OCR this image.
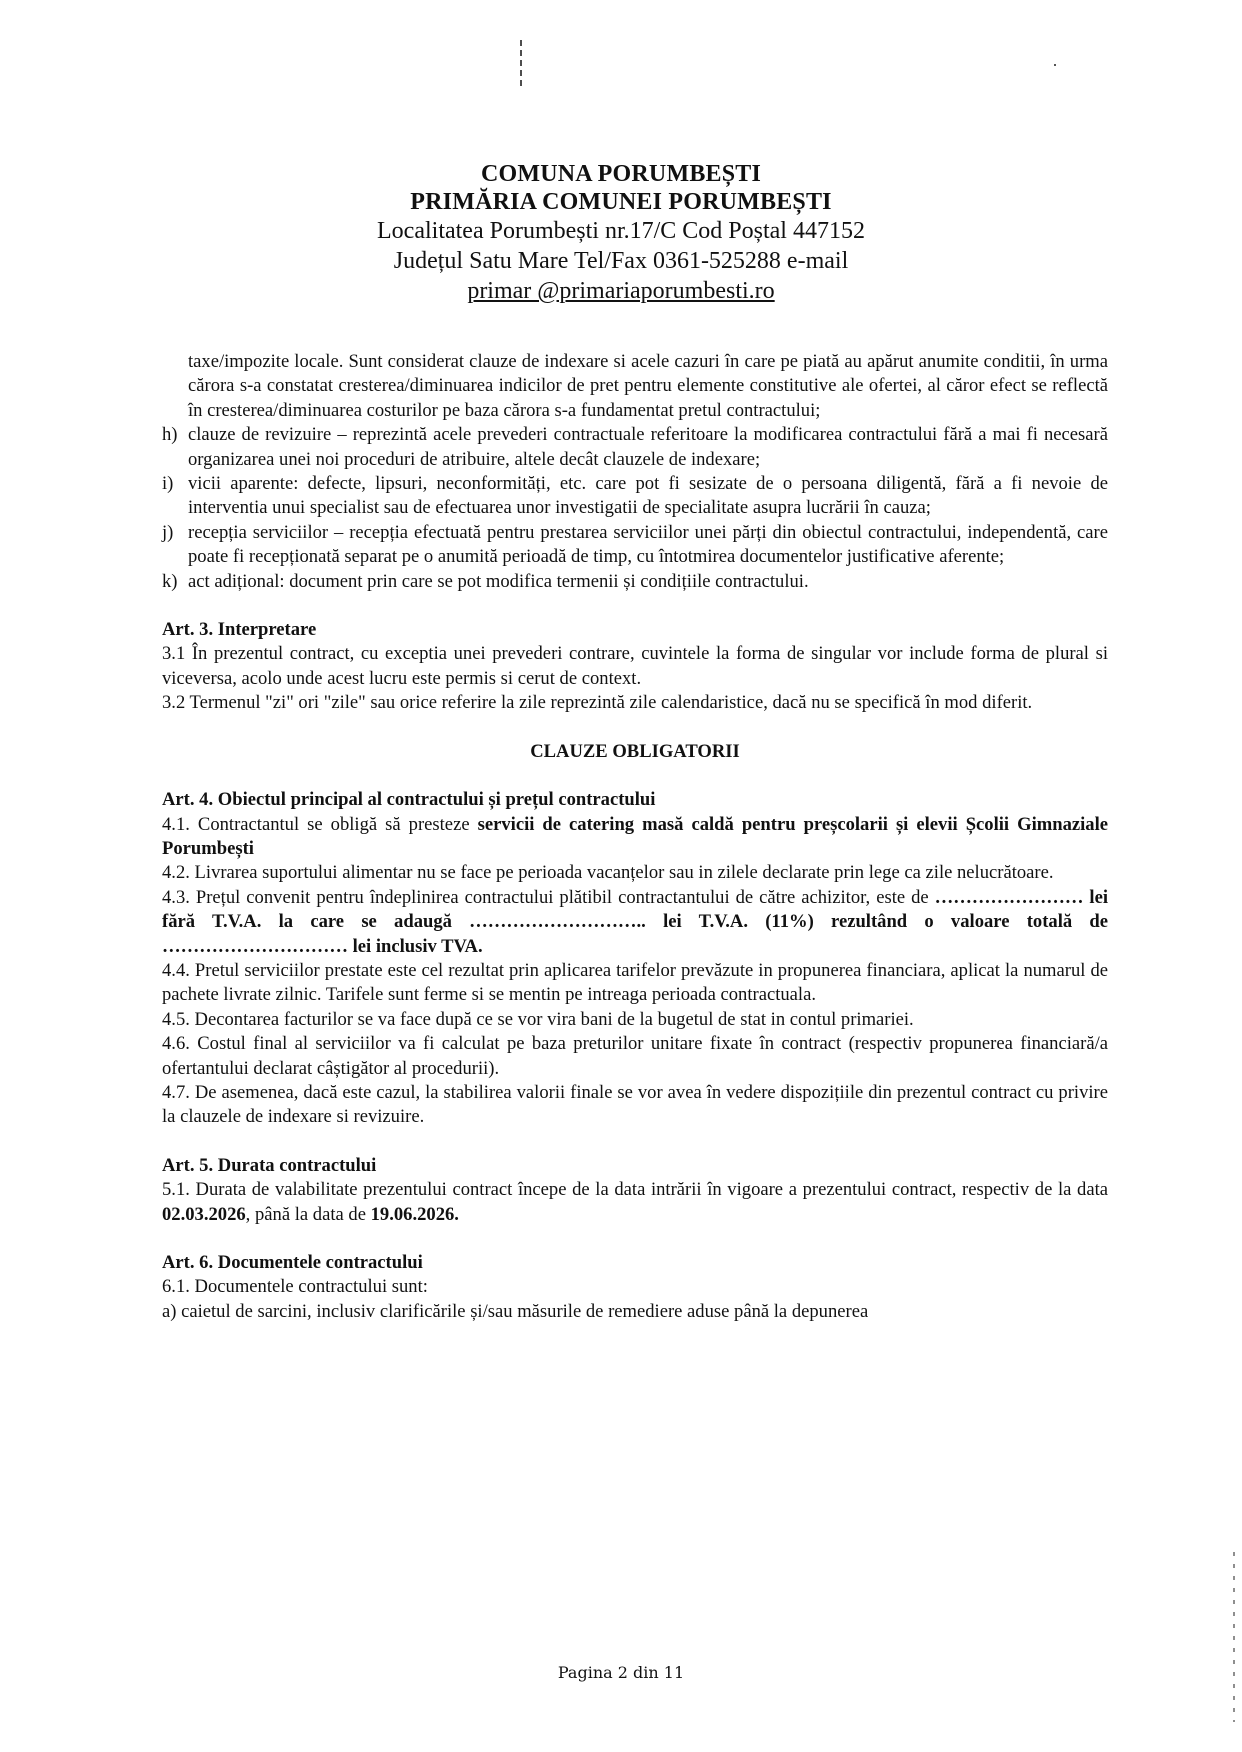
COMUNA PORUMBEȘTI
PRIMĂRIA COMUNEI PORUMBEȘTI
Localitatea Porumbești nr.17/C Cod Poștal 447152
Județul Satu Mare Tel/Fax 0361-525288 e-mail
primar @primariaporumbesti.ro

taxe/impozite locale. Sunt considerat clauze de indexare si acele cazuri în care pe piată au apărut anumite conditii, în urma cărora s-a constatat cresterea/diminuarea indicilor de pret pentru elemente constitutive ale ofertei, al căror efect se reflectă în cresterea/diminuarea costurilor pe baza cărora s-a fundamentat pretul contractului;

h) clauze de revizuire – reprezintă acele prevederi contractuale referitoare la modificarea contractului fără a mai fi necesară organizarea unei noi proceduri de atribuire, altele decât clauzele de indexare;

i) vicii aparente: defecte, lipsuri, neconformități, etc. care pot fi sesizate de o persoana diligentă, fără a fi nevoie de interventia unui specialist sau de efectuarea unor investigatii de specialitate asupra lucrării în cauza;

j) recepția serviciilor – recepția efectuată pentru prestarea serviciilor unei părți din obiectul contractului, independentă, care poate fi recepționată separat pe o anumită perioadă de timp, cu întotmirea documentelor justificative aferente;

k) act adițional: document prin care se pot modifica termenii și condițiile contractului.

Art. 3. Interpretare

3.1 În prezentul contract, cu exceptia unei prevederi contrare, cuvintele la forma de singular vor include forma de plural si viceversa, acolo unde acest lucru este permis si cerut de context.

3.2 Termenul "zi" ori "zile" sau orice referire la zile reprezintă zile calendaristice, dacă nu se specifică în mod diferit.

CLAUZE OBLIGATORII

Art. 4. Obiectul principal al contractului și prețul contractului

4.1. Contractantul se obligă să presteze servicii de catering masă caldă pentru preșcolarii și elevii Școlii Gimnaziale Porumbești

4.2. Livrarea suportului alimentar nu se face pe perioada vacanțelor sau in zilele declarate prin lege ca zile nelucrătoare.

4.3. Prețul convenit pentru îndeplinirea contractului plătibil contractantului de către achizitor, este de …………………… lei fără T.V.A. la care se adaugă ……………………….. lei T.V.A. (11%) rezultând o valoare totală de ………………………… lei inclusiv TVA.

4.4. Pretul serviciilor prestate este cel rezultat prin aplicarea tarifelor prevăzute in propunerea financiara, aplicat la numarul de pachete livrate zilnic. Tarifele sunt ferme si se mentin pe intreaga perioada contractuala.

4.5. Decontarea facturilor se va face după ce se vor vira bani de la bugetul de stat in contul primariei.

4.6. Costul final al serviciilor va fi calculat pe baza preturilor unitare fixate în contract (respectiv propunerea financiară/a ofertantului declarat câștigător al procedurii).

4.7. De asemenea, dacă este cazul, la stabilirea valorii finale se vor avea în vedere dispozițiile din prezentul contract cu privire la clauzele de indexare si revizuire.

Art. 5. Durata contractului

5.1. Durata de valabilitate prezentului contract începe de la data intrării în vigoare a prezentului contract, respectiv de la data 02.03.2026, până la data de 19.06.2026.

Art. 6. Documentele contractului

6.1. Documentele contractului sunt:

a) caietul de sarcini, inclusiv clarificările și/sau măsurile de remediere aduse până la depunerea

Pagina 2 din 11
